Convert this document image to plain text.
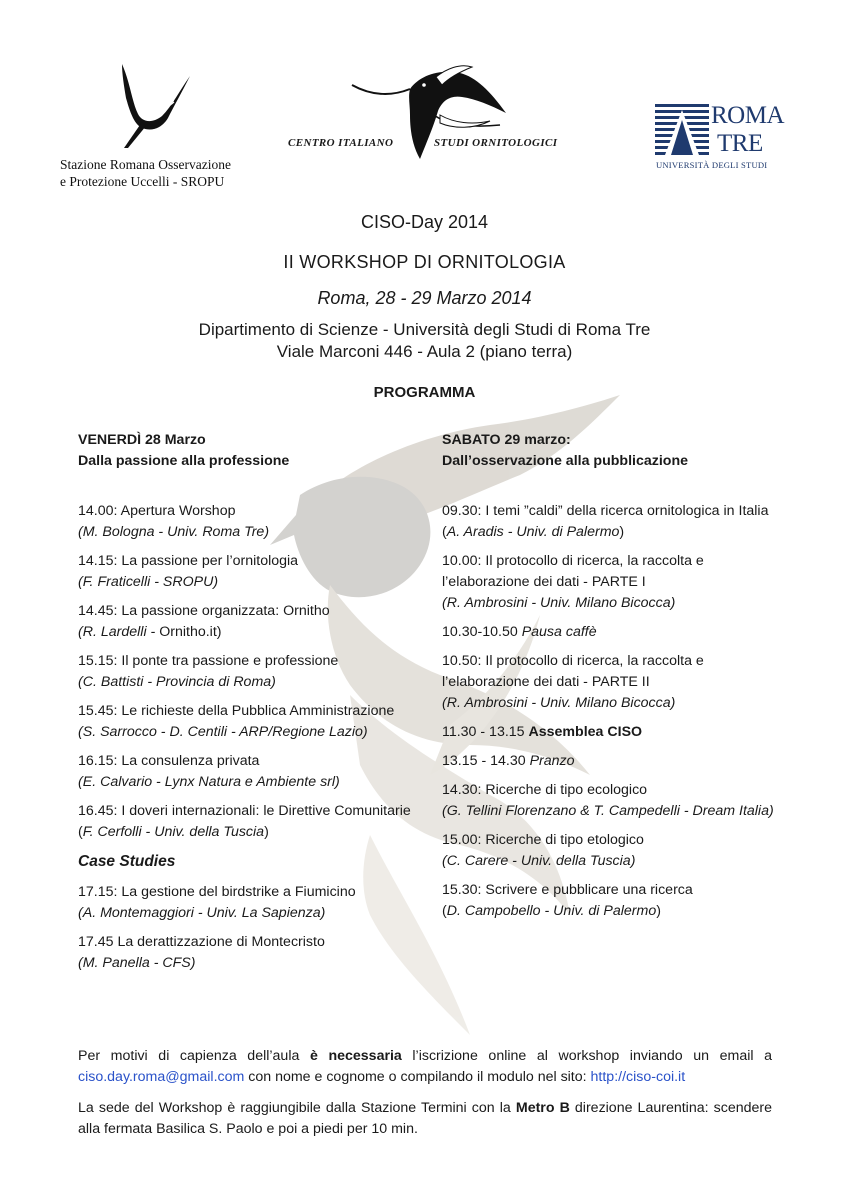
Stazione Romana Osservazione
e Protezione Uccelli - SROPU
CENTRO ITALIANO	STUDI ORNITOLOGICI
ROMA
TRE
UNIVERSITÀ DEGLI STUDI
CISO-Day 2014
II WORKSHOP DI ORNITOLOGIA
Roma, 28 - 29 Marzo 2014
Dipartimento di Scienze - Università degli Studi di Roma Tre
Viale Marconi 446 - Aula 2 (piano terra)
PROGRAMMA
VENERDÌ 28 Marzo
Dalla passione alla professione
14.00: Apertura Worshop
(M. Bologna - Univ. Roma Tre)
14.15: La passione per l’ornitologia
(F. Fraticelli - SROPU)
14.45: La passione organizzata: Ornitho
(R. Lardelli - Ornitho.it)
15.15: Il ponte tra passione e professione
(C. Battisti - Provincia di Roma)
15.45: Le richieste della Pubblica Amministrazione
(S. Sarrocco - D. Centili - ARP/Regione Lazio)
16.15: La consulenza privata
(E. Calvario - Lynx Natura e Ambiente srl)
16.45: I doveri internazionali: le Direttive Comunitarie
(F. Cerfolli - Univ. della Tuscia)
Case Studies
17.15: La gestione del birdstrike a Fiumicino
(A. Montemaggiori - Univ. La Sapienza)
17.45 La derattizzazione di Montecristo
(M. Panella - CFS)
SABATO 29 marzo:
Dall’osservazione alla pubblicazione
09.30: I temi ”caldi” della ricerca ornitologica in Italia
(A. Aradis - Univ. di Palermo)
10.00: Il protocollo di ricerca, la raccolta e l’elaborazione dei dati - PARTE I
(R. Ambrosini - Univ. Milano Bicocca)
10.30-10.50 Pausa caffè
10.50: Il protocollo di ricerca, la raccolta e l’elaborazione dei dati - PARTE II
(R. Ambrosini - Univ. Milano Bicocca)
11.30 - 13.15 Assemblea CISO
13.15 - 14.30 Pranzo
14.30: Ricerche di tipo ecologico
(G. Tellini Florenzano & T. Campedelli - Dream Italia)
15.00: Ricerche di tipo etologico
(C. Carere - Univ. della Tuscia)
15.30: Scrivere e pubblicare una ricerca
(D. Campobello - Univ. di Palermo)
Per motivi di capienza dell’aula è necessaria l’iscrizione online al workshop inviando un email a ciso.day.roma@gmail.com con nome e cognome o compilando il modulo nel sito: http://ciso-coi.it
La sede del Workshop è raggiungibile dalla Stazione Termini con la Metro B direzione Laurentina: scendere alla fermata Basilica S. Paolo e poi a piedi per 10 min.
